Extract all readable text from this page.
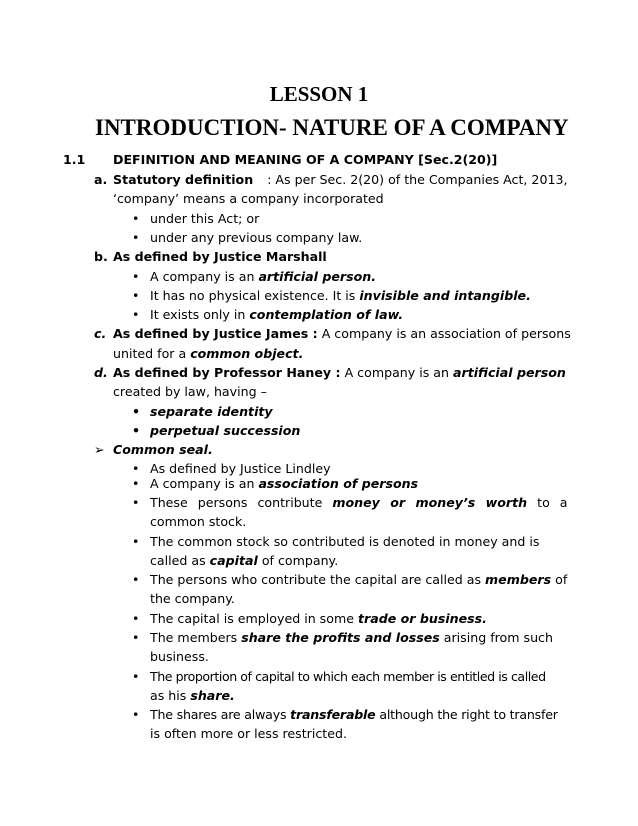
LESSON 1
INTRODUCTION- NATURE OF A COMPANY
1.1 DEFINITION AND MEANING OF A COMPANY [Sec.2(20)]
a. Statutory definition : As per Sec. 2(20) of the Companies Act, 2013,
‘company’ means a company incorporated
• under this Act; or
• under any previous company law.
b. As defined by Justice Marshall
• A company is an artificial person.
• It has no physical existence. It is invisible and intangible.
• It exists only in contemplation of law.
c. As defined by Justice James : A company is an association of persons
united for a common object.
d. As defined by Professor Haney : A company is an artificial person
created by law, having –
• separate identity
• perpetual succession
➢ Common seal.
• As defined by Justice Lindley
• A company is an association of persons
• These persons contribute money or money’s worth to a
common stock.
• The common stock so contributed is denoted in money and is
called as capital of company.
• The persons who contribute the capital are called as members of
the company.
• The capital is employed in some trade or business.
• The members share the profits and losses arising from such
business.
• The proportion of capital to which each member is entitled is called
as his share.
• The shares are always transferable although the right to transfer
is often more or less restricted.
